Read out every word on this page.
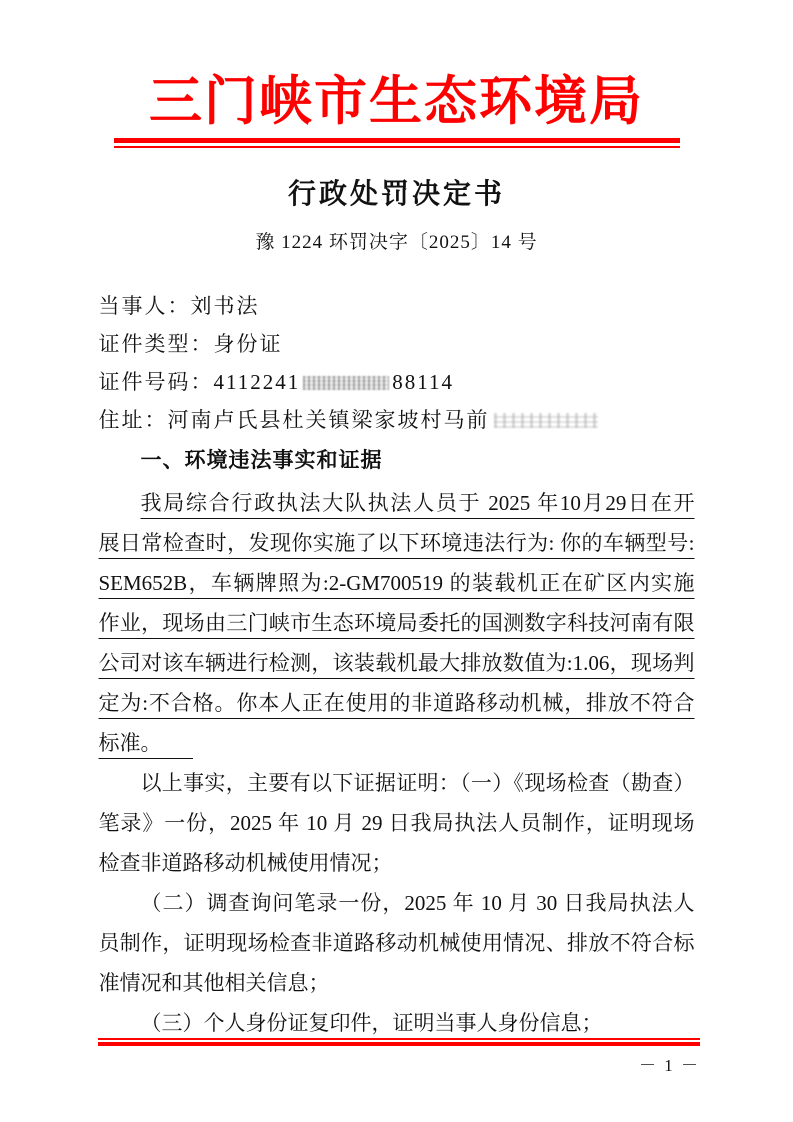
三门峡市生态环境局
行政处罚决定书
豫 1224 环罚决字〔2025〕14 号
当事人：刘书法
证件类型：身份证
证件号码：4112241	88114
住址：河南卢氏县杜关镇梁家坡村马前
一、环境违法事实和证据
我局综合行政执法大队执法人员于 2025 年10月29日在开
展日常检查时，发现你实施了以下环境违法行为: 你的车辆型号:
SEM652B，车辆牌照为:2-GM700519 的装载机正在矿区内实施
作业，现场由三门峡市生态环境局委托的国测数字科技河南有限
公司对该车辆进行检测，该装载机最大排放数值为:1.06，现场判
定为:不合格。你本人正在使用的非道路移动机械，排放不符合
标准。
以上事实，主要有以下证据证明：（一）《现场检查（勘查）
笔录》一份，2025 年 10 月 29 日我局执法人员制作，证明现场
检查非道路移动机械使用情况；
（二）调查询问笔录一份，2025 年 10 月 30 日我局执法人
员制作，证明现场检查非道路移动机械使用情况、排放不符合标
准情况和其他相关信息；
（三）个人身份证复印件，证明当事人身份信息；
－ 1 －
